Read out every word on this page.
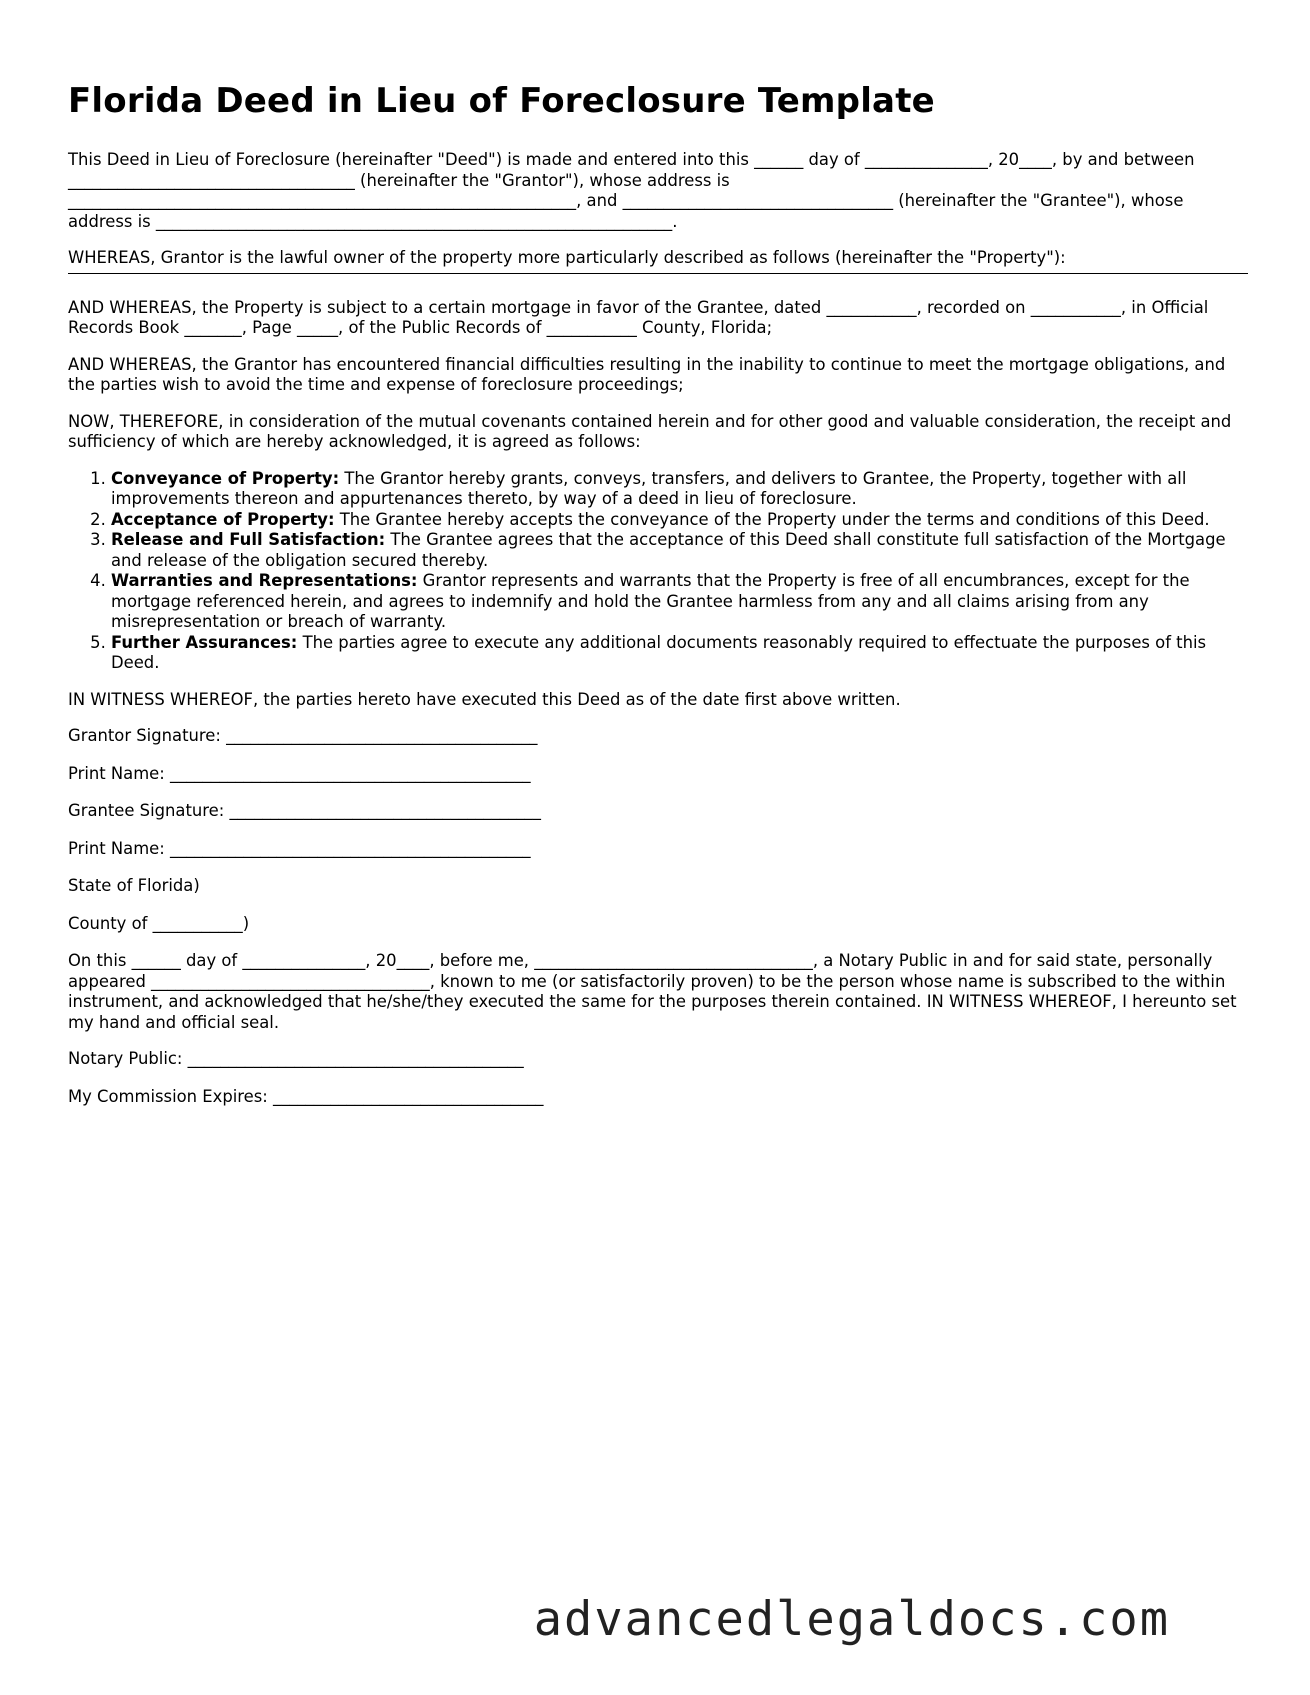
Florida Deed in Lieu of Foreclosure Template

This Deed in Lieu of Foreclosure (hereinafter "Deed") is made and entered into this ______ day of _______________, 20____, by and between ___________________________________ (hereinafter the "Grantor"), whose address is ______________________________________________________________, and _________________________________ (hereinafter the "Grantee"), whose address is _______________________________________________________________.

WHEREAS, Grantor is the lawful owner of the property more particularly described as follows (hereinafter the "Property"):

AND WHEREAS, the Property is subject to a certain mortgage in favor of the Grantee, dated ___________, recorded on ___________, in Official Records Book _______, Page _____, of the Public Records of ___________ County, Florida;

AND WHEREAS, the Grantor has encountered financial difficulties resulting in the inability to continue to meet the mortgage obligations, and the parties wish to avoid the time and expense of foreclosure proceedings;

NOW, THEREFORE, in consideration of the mutual covenants contained herein and for other good and valuable consideration, the receipt and sufficiency of which are hereby acknowledged, it is agreed as follows:

1. Conveyance of Property: The Grantor hereby grants, conveys, transfers, and delivers to Grantee, the Property, together with all improvements thereon and appurtenances thereto, by way of a deed in lieu of foreclosure.
2. Acceptance of Property: The Grantee hereby accepts the conveyance of the Property under the terms and conditions of this Deed.
3. Release and Full Satisfaction: The Grantee agrees that the acceptance of this Deed shall constitute full satisfaction of the Mortgage and release of the obligation secured thereby.
4. Warranties and Representations: Grantor represents and warrants that the Property is free of all encumbrances, except for the mortgage referenced herein, and agrees to indemnify and hold the Grantee harmless from any and all claims arising from any misrepresentation or breach of warranty.
5. Further Assurances: The parties agree to execute any additional documents reasonably required to effectuate the purposes of this Deed.

IN WITNESS WHEREOF, the parties hereto have executed this Deed as of the date first above written.

Grantor Signature: ______________________________________
Print Name: ____________________________________________
Grantee Signature: ______________________________________
Print Name: ____________________________________________
State of Florida)
County of ___________)

On this ______ day of _______________, 20____, before me, __________________________________, a Notary Public in and for said state, personally appeared __________________________________, known to me (or satisfactorily proven) to be the person whose name is subscribed to the within instrument, and acknowledged that he/she/they executed the same for the purposes therein contained. IN WITNESS WHEREOF, I hereunto set my hand and official seal.

Notary Public: _________________________________________
My Commission Expires: _________________________________
advancedlegaldocs.com
